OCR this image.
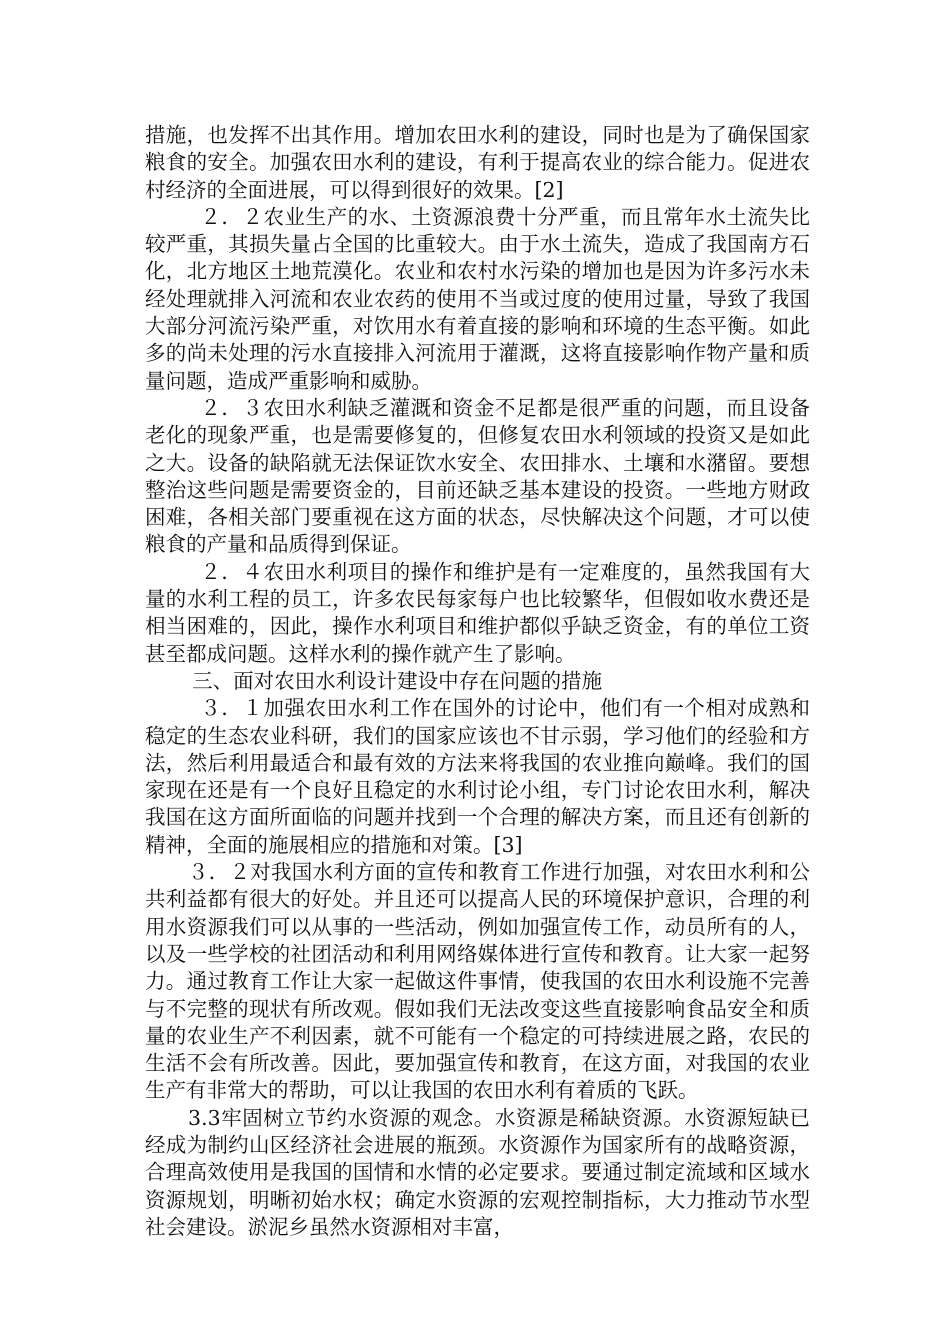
措施，也发挥不出其作用。增加农田水利的建设，同时也是为了确保国家粮食的安全。加强农田水利的建设，有利于提高农业的综合能力。促进农村经济的全面进展，可以得到很好的效果。[2]

２．２农业生产的水、土资源浪费十分严重，而且常年水土流失比较严重，其损失量占全国的比重较大。由于水土流失，造成了我国南方石化，北方地区土地荒漠化。农业和农村水污染的增加也是因为许多污水未经处理就排入河流和农业农药的使用不当或过度的使用过量，导致了我国大部分河流污染严重，对饮用水有着直接的影响和环境的生态平衡。如此多的尚未处理的污水直接排入河流用于灌溉，这将直接影响作物产量和质量问题，造成严重影响和威胁。

２．３农田水利缺乏灌溉和资金不足都是很严重的问题，而且设备老化的现象严重，也是需要修复的，但修复农田水利领域的投资又是如此之大。设备的缺陷就无法保证饮水安全、农田排水、土壤和水潴留。要想整治这些问题是需要资金的，目前还缺乏基本建设的投资。一些地方财政困难，各相关部门要重视在这方面的状态，尽快解决这个问题，才可以使粮食的产量和品质得到保证。

２．４农田水利项目的操作和维护是有一定难度的，虽然我国有大量的水利工程的员工，许多农民每家每户也比较繁华，但假如收水费还是相当困难的，因此，操作水利项目和维护都似乎缺乏资金，有的单位工资甚至都成问题。这样水利的操作就产生了影响。

三、面对农田水利设计建设中存在问题的措施

３．１加强农田水利工作在国外的讨论中，他们有一个相对成熟和稳定的生态农业科研，我们的国家应该也不甘示弱，学习他们的经验和方法，然后利用最适合和最有效的方法来将我国的农业推向巅峰。我们的国家现在还是有一个良好且稳定的水利讨论小组，专门讨论农田水利，解决我国在这方面所面临的问题并找到一个合理的解决方案，而且还有创新的精神，全面的施展相应的措施和对策。[3]

３．２对我国水利方面的宣传和教育工作进行加强，对农田水利和公共利益都有很大的好处。并且还可以提高人民的环境保护意识，合理的利用水资源我们可以从事的一些活动，例如加强宣传工作，动员所有的人，以及一些学校的社团活动和利用网络媒体进行宣传和教育。让大家一起努力。通过教育工作让大家一起做这件事情，使我国的农田水利设施不完善与不完整的现状有所改观。假如我们无法改变这些直接影响食品安全和质量的农业生产不利因素，就不可能有一个稳定的可持续进展之路，农民的生活不会有所改善。因此，要加强宣传和教育，在这方面，对我国的农业生产有非常大的帮助，可以让我国的农田水利有着质的飞跃。

3.3牢固树立节约水资源的观念。水资源是稀缺资源。水资源短缺已经成为制约山区经济社会进展的瓶颈。水资源作为国家所有的战略资源，合理高效使用是我国的国情和水情的必定要求。要通过制定流域和区域水资源规划，明晰初始水权；确定水资源的宏观控制指标，大力推动节水型社会建设。淤泥乡虽然水资源相对丰富，
